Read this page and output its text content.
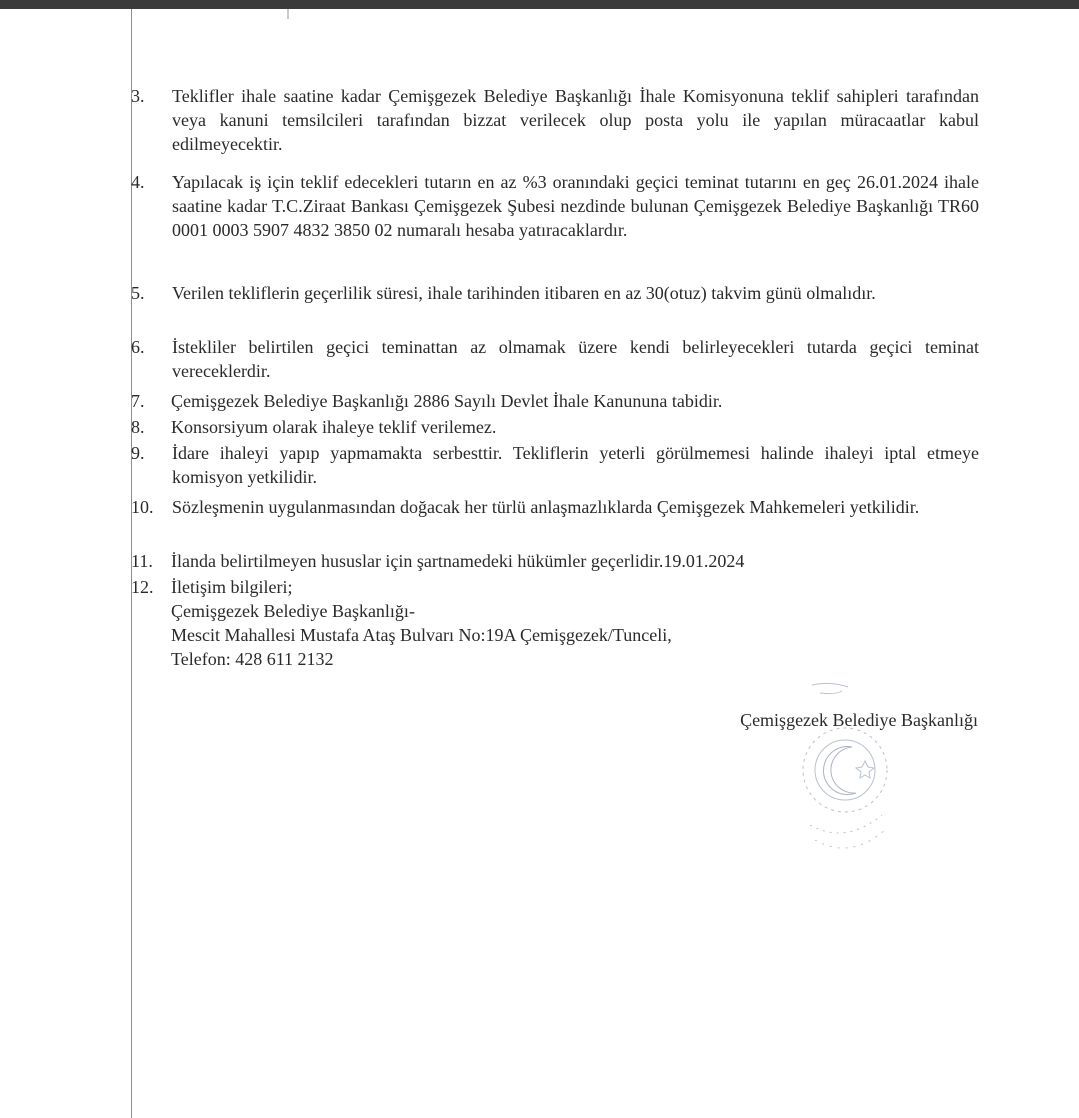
3. Teklifler ihale saatine kadar Çemişgezek Belediye Başkanlığı İhale Komisyonuna teklif sahipleri tarafından veya kanuni temsilcileri tarafından bizzat verilecek olup posta yolu ile yapılan müracaatlar kabul edilmeyecektir.
4. Yapılacak iş için teklif edecekleri tutarın en az %3 oranındaki geçici teminat tutarını en geç 26.01.2024 ihale saatine kadar T.C.Ziraat Bankası Çemişgezek Şubesi nezdinde bulunan Çemişgezek Belediye Başkanlığı TR60 0001 0003 5907 4832 3850 02 numaralı hesaba yatıracaklardır.
5. Verilen tekliflerin geçerlilik süresi, ihale tarihinden itibaren en az 30(otuz) takvim günü olmalıdır.
6. İstekliler belirtilen geçici teminattan az olmamak üzere kendi belirleyecekleri tutarda geçici teminat vereceklerdir.
7. Çemişgezek Belediye Başkanlığı 2886 Sayılı Devlet İhale Kanununa tabidir.
8. Konsorsiyum olarak ihaleye teklif verilemez.
9. İdare ihaleyi yapıp yapmamakta serbesttir. Tekliflerin yeterli görülmemesi halinde ihaleyi iptal etmeye komisyon yetkilidir.
10. Sözleşmenin uygulanmasından doğacak her türlü anlaşmazlıklarda Çemişgezek Mahkemeleri yetkilidir.
11. İlanda belirtilmeyen hususlar için şartnamedeki hükümler geçerlidir.19.01.2024
12. İletişim bilgileri;
Çemişgezek Belediye Başkanlığı-
Mescit Mahallesi Mustafa Ataş Bulvarı No:19A Çemişgezek/Tunceli,
Telefon: 428 611 2132
Çemişgezek Belediye Başkanlığı
